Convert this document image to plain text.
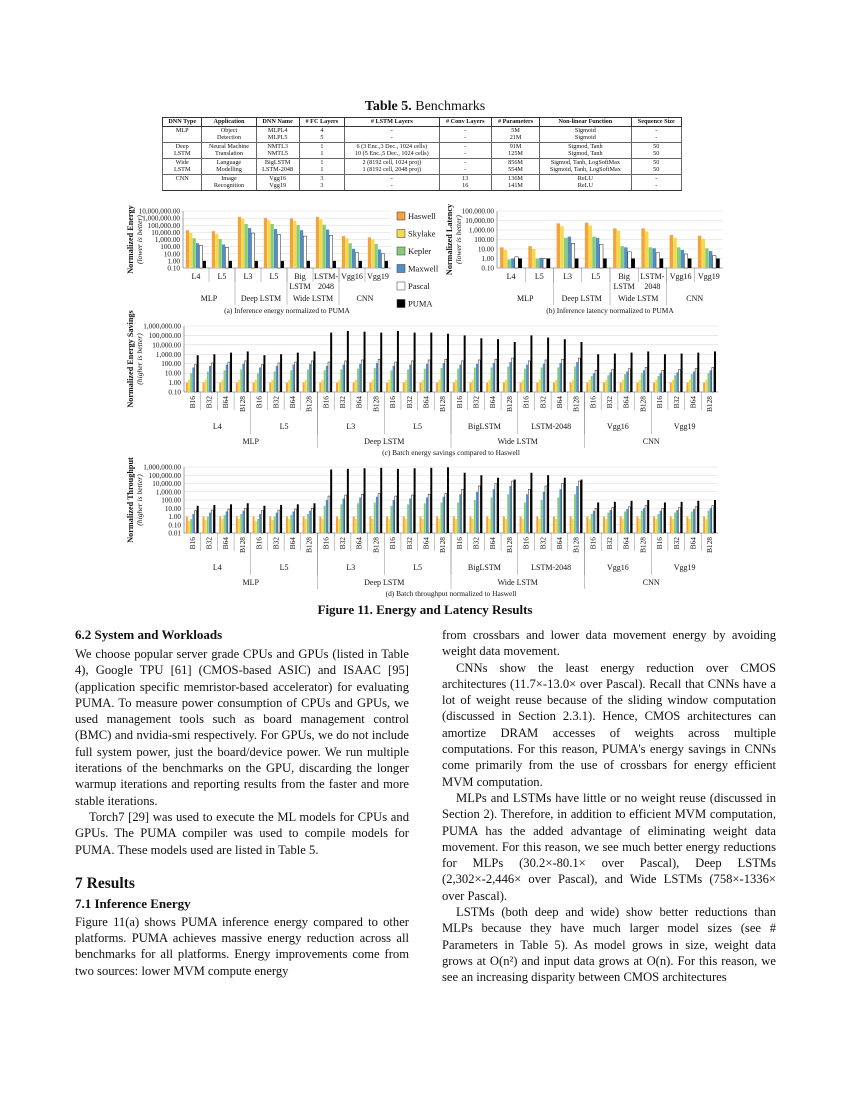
Table 5. Benchmarks
DNN Type	Application	DNN Name	# FC Layers	# LSTM Layers	# Conv Layers	# Parameters	Non-linear Function	Sequence Size
MLP	Object	MLPL4	4	-	-	5M	Sigmoid	-
	Detection	MLPL5	5	-	-	21M	Sigmoid	-
Deep	Neural Machine	NMTL3	1	6 (3 Enc.,3 Dec., 1024 cells)	-	91M	Sigmod, Tanh	50
LSTM	Translation	NMTL5	1	10 (5 Enc.,5 Dec., 1024 cells)	-	125M	Sigmod, Tanh	50
Wide	Language	BigLSTM	1	2 (8192 cell, 1024 proj)	-	856M	Sigmod, Tanh, LogSoftMax	50
LSTM	Modelling	LSTM-2048	1	1 (8192 cell, 2048 proj)	-	554M	Sigmoid, Tanh, LogSoftMax	50
CNN	Image	Vgg16	3	-	13	136M	ReLU	-
	Recognition	Vgg19	3	-	16	141M	ReLU	-
10,000,000.00
1,000,000.00
100,000.00
10,000.00
1,000.00
100.00
10.00
1.00
0.10
L4 L5 L3 L5 Big
LSTM
LSTM-
2048
Vgg16 Vgg19
MLP	Deep LSTM Wide LSTM	CNN
(a) Inference energy normalized to PUMA
Normalized Energy (lower is better)
100,000.00
10,000.00
1,000.00
100.00
10.00
1.00
0.10
L4 L5 L3 L5 Big
LSTM
LSTM-
2048
Vgg16 Vgg19
MLP	Deep LSTM Wide LSTM	CNN
(b) Inference latency normalized to PUMA
Normalized Latency (lower is better)
1,000,000.00
100,000.00
10,000.00
1,000.00
100.00
10.00
1.00
0.10
B16 B32 B64 B128 B16 B32 B64 B128 B16 B32 B64 B128 B16 B32 B64 B128 B16 B32 B64 B128 B16 B32 B64 B128 B16 B32 B64 B128 B16 B32 B64 B128
L4	L5	L3	L5	BigLSTM	LSTM-2048	Vgg16	Vgg19
MLP	Deep LSTM	Wide LSTM	CNN
(c) Batch energy savings compared to Haswell
Normalized Energy Savings (higher is better)
1,000,000.00
100,000.00
10,000.00
1,000.00
100.00
10.00
1.00
0.10
0.01
B16 B32 B64 B128 B16 B32 B64 B128 B16 B32 B64 B128 B16 B32 B64 B128 B16 B32 B64 B128 B16 B32 B64 B128 B16 B32 B64 B128 B16 B32 B64 B128
L4	L5	L3	L5	BigLSTM	LSTM-2048	Vgg16	Vgg19
MLP	Deep LSTM	Wide LSTM	CNN
(d) Batch throughput normalized to Haswell
Normalized Throughput (higher is better)
Haswell
Skylake
Kepler
Maxwell
Pascal
PUMA
Figure 11. Energy and Latency Results
6.2 System and Workloads

We choose popular server grade CPUs and GPUs (listed in Table 4), Google TPU [61] (CMOS-based ASIC) and ISAAC [95] (application specific memristor-based accelerator) for evaluating PUMA. To measure power consumption of CPUs and GPUs, we used management tools such as board management control (BMC) and nvidia-smi respectively. For GPUs, we do not include full system power, just the board/device power. We run multiple iterations of the benchmarks on the GPU, discarding the longer warmup iterations and reporting results from the faster and more stable iterations.

Torch7 [29] was used to execute the ML models for CPUs and GPUs. The PUMA compiler was used to compile models for PUMA. These models used are listed in Table 5.

7 Results
7.1 Inference Energy

Figure 11(a) shows PUMA inference energy compared to other platforms. PUMA achieves massive energy reduction across all benchmarks for all platforms. Energy improvements come from two sources: lower MVM compute energy

from crossbars and lower data movement energy by avoiding weight data movement.

CNNs show the least energy reduction over CMOS architectures (11.7×-13.0× over Pascal). Recall that CNNs have a lot of weight reuse because of the sliding window computation (discussed in Section 2.3.1). Hence, CMOS architectures can amortize DRAM accesses of weights across multiple computations. For this reason, PUMA's energy savings in CNNs come primarily from the use of crossbars for energy efficient MVM computation.

MLPs and LSTMs have little or no weight reuse (discussed in Section 2). Therefore, in addition to efficient MVM computation, PUMA has the added advantage of eliminating weight data movement. For this reason, we see much better energy reductions for MLPs (30.2×-80.1× over Pascal), Deep LSTMs (2,302×-2,446× over Pascal), and Wide LSTMs (758×-1336× over Pascal).

LSTMs (both deep and wide) show better reductions than MLPs because they have much larger model sizes (see # Parameters in Table 5). As model grows in size, weight data grows at O(n²) and input data grows at O(n). For this reason, we see an increasing disparity between CMOS architectures
